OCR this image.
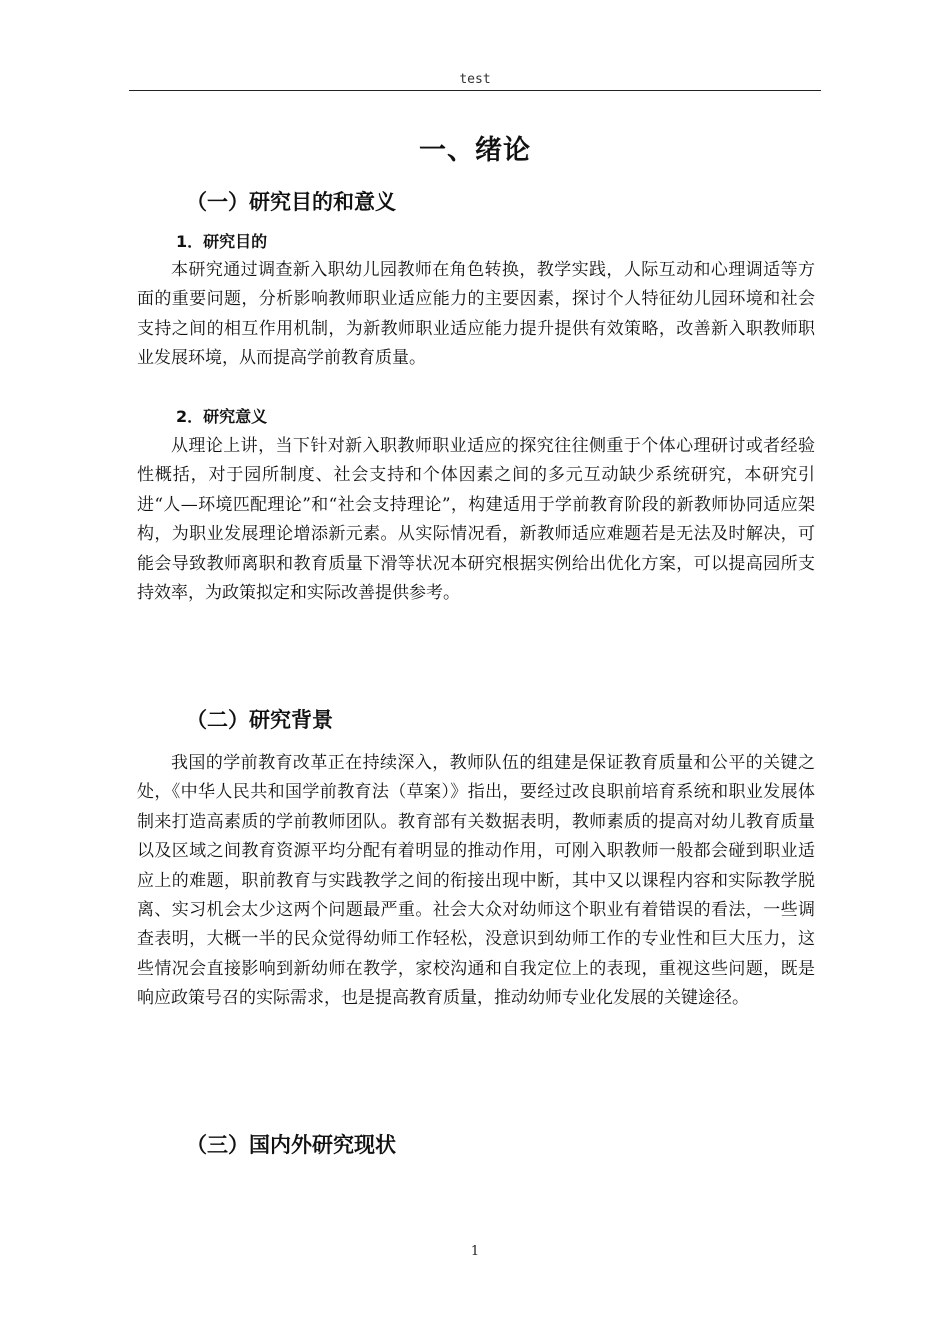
test
一、绪论
（一）研究目的和意义
1．研究目的

本研究通过调查新入职幼儿园教师在角色转换，教学实践，人际互动和心理调适等方面的重要问题，分析影响教师职业适应能力的主要因素，探讨个人特征幼儿园环境和社会支持之间的相互作用机制，为新教师职业适应能力提升提供有效策略，改善新入职教师职业发展环境，从而提高学前教育质量。

2．研究意义

从理论上讲，当下针对新入职教师职业适应的探究往往侧重于个体心理研讨或者经验性概括，对于园所制度、社会支持和个体因素之间的多元互动缺少系统研究，本研究引进“人—环境匹配理论”和“社会支持理论”，构建适用于学前教育阶段的新教师协同适应架构，为职业发展理论增添新元素。从实际情况看，新教师适应难题若是无法及时解决，可能会导致教师离职和教育质量下滑等状况本研究根据实例给出优化方案，可以提高园所支持效率，为政策拟定和实际改善提供参考。

（二）研究背景

我国的学前教育改革正在持续深入，教师队伍的组建是保证教育质量和公平的关键之处，《中华人民共和国学前教育法（草案）》指出，要经过改良职前培育系统和职业发展体制来打造高素质的学前教师团队。教育部有关数据表明，教师素质的提高对幼儿教育质量以及区域之间教育资源平均分配有着明显的推动作用，可刚入职教师一般都会碰到职业适应上的难题，职前教育与实践教学之间的衔接出现中断，其中又以课程内容和实际教学脱离、实习机会太少这两个问题最严重。社会大众对幼师这个职业有着错误的看法，一些调查表明，大概一半的民众觉得幼师工作轻松，没意识到幼师工作的专业性和巨大压力，这些情况会直接影响到新幼师在教学，家校沟通和自我定位上的表现，重视这些问题，既是响应政策号召的实际需求，也是提高教育质量，推动幼师专业化发展的关键途径。

（三）国内外研究现状
1
